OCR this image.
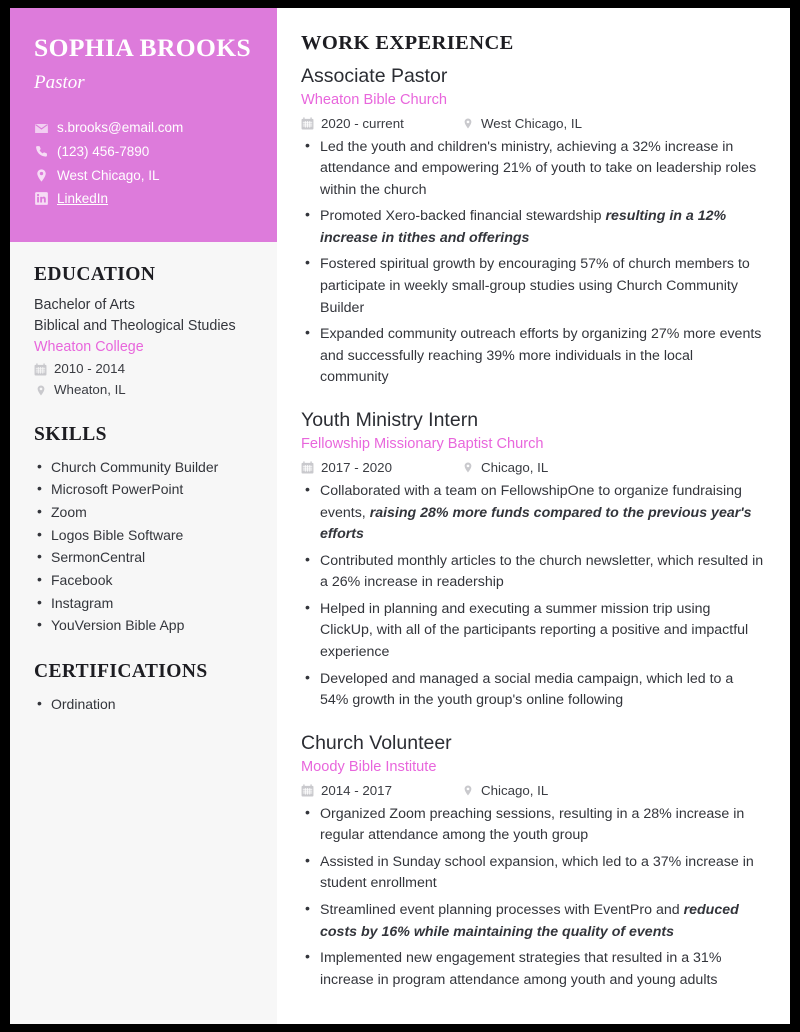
SOPHIA BROOKS
Pastor
s.brooks@email.com
(123) 456-7890
West Chicago, IL
LinkedIn
EDUCATION
Bachelor of Arts
Biblical and Theological Studies
Wheaton College
2010 - 2014
Wheaton, IL
SKILLS
• Church Community Builder
• Microsoft PowerPoint
• Zoom
• Logos Bible Software
• SermonCentral
• Facebook
• Instagram
• YouVersion Bible App
CERTIFICATIONS
• Ordination
WORK EXPERIENCE
Associate Pastor
Wheaton Bible Church
2020 - current	West Chicago, IL
• Led the youth and children's ministry, achieving a 32% increase in attendance and empowering 21% of youth to take on leadership roles within the church
• Promoted Xero-backed financial stewardship resulting in a 12% increase in tithes and offerings
• Fostered spiritual growth by encouraging 57% of church members to participate in weekly small-group studies using Church Community Builder
• Expanded community outreach efforts by organizing 27% more events and successfully reaching 39% more individuals in the local community
Youth Ministry Intern
Fellowship Missionary Baptist Church
2017 - 2020	Chicago, IL
• Collaborated with a team on FellowshipOne to organize fundraising events, raising 28% more funds compared to the previous year's efforts
• Contributed monthly articles to the church newsletter, which resulted in a 26% increase in readership
• Helped in planning and executing a summer mission trip using ClickUp, with all of the participants reporting a positive and impactful experience
• Developed and managed a social media campaign, which led to a 54% growth in the youth group's online following
Church Volunteer
Moody Bible Institute
2014 - 2017	Chicago, IL
• Organized Zoom preaching sessions, resulting in a 28% increase in regular attendance among the youth group
• Assisted in Sunday school expansion, which led to a 37% increase in student enrollment
• Streamlined event planning processes with EventPro and reduced costs by 16% while maintaining the quality of events
• Implemented new engagement strategies that resulted in a 31% increase in program attendance among youth and young adults
